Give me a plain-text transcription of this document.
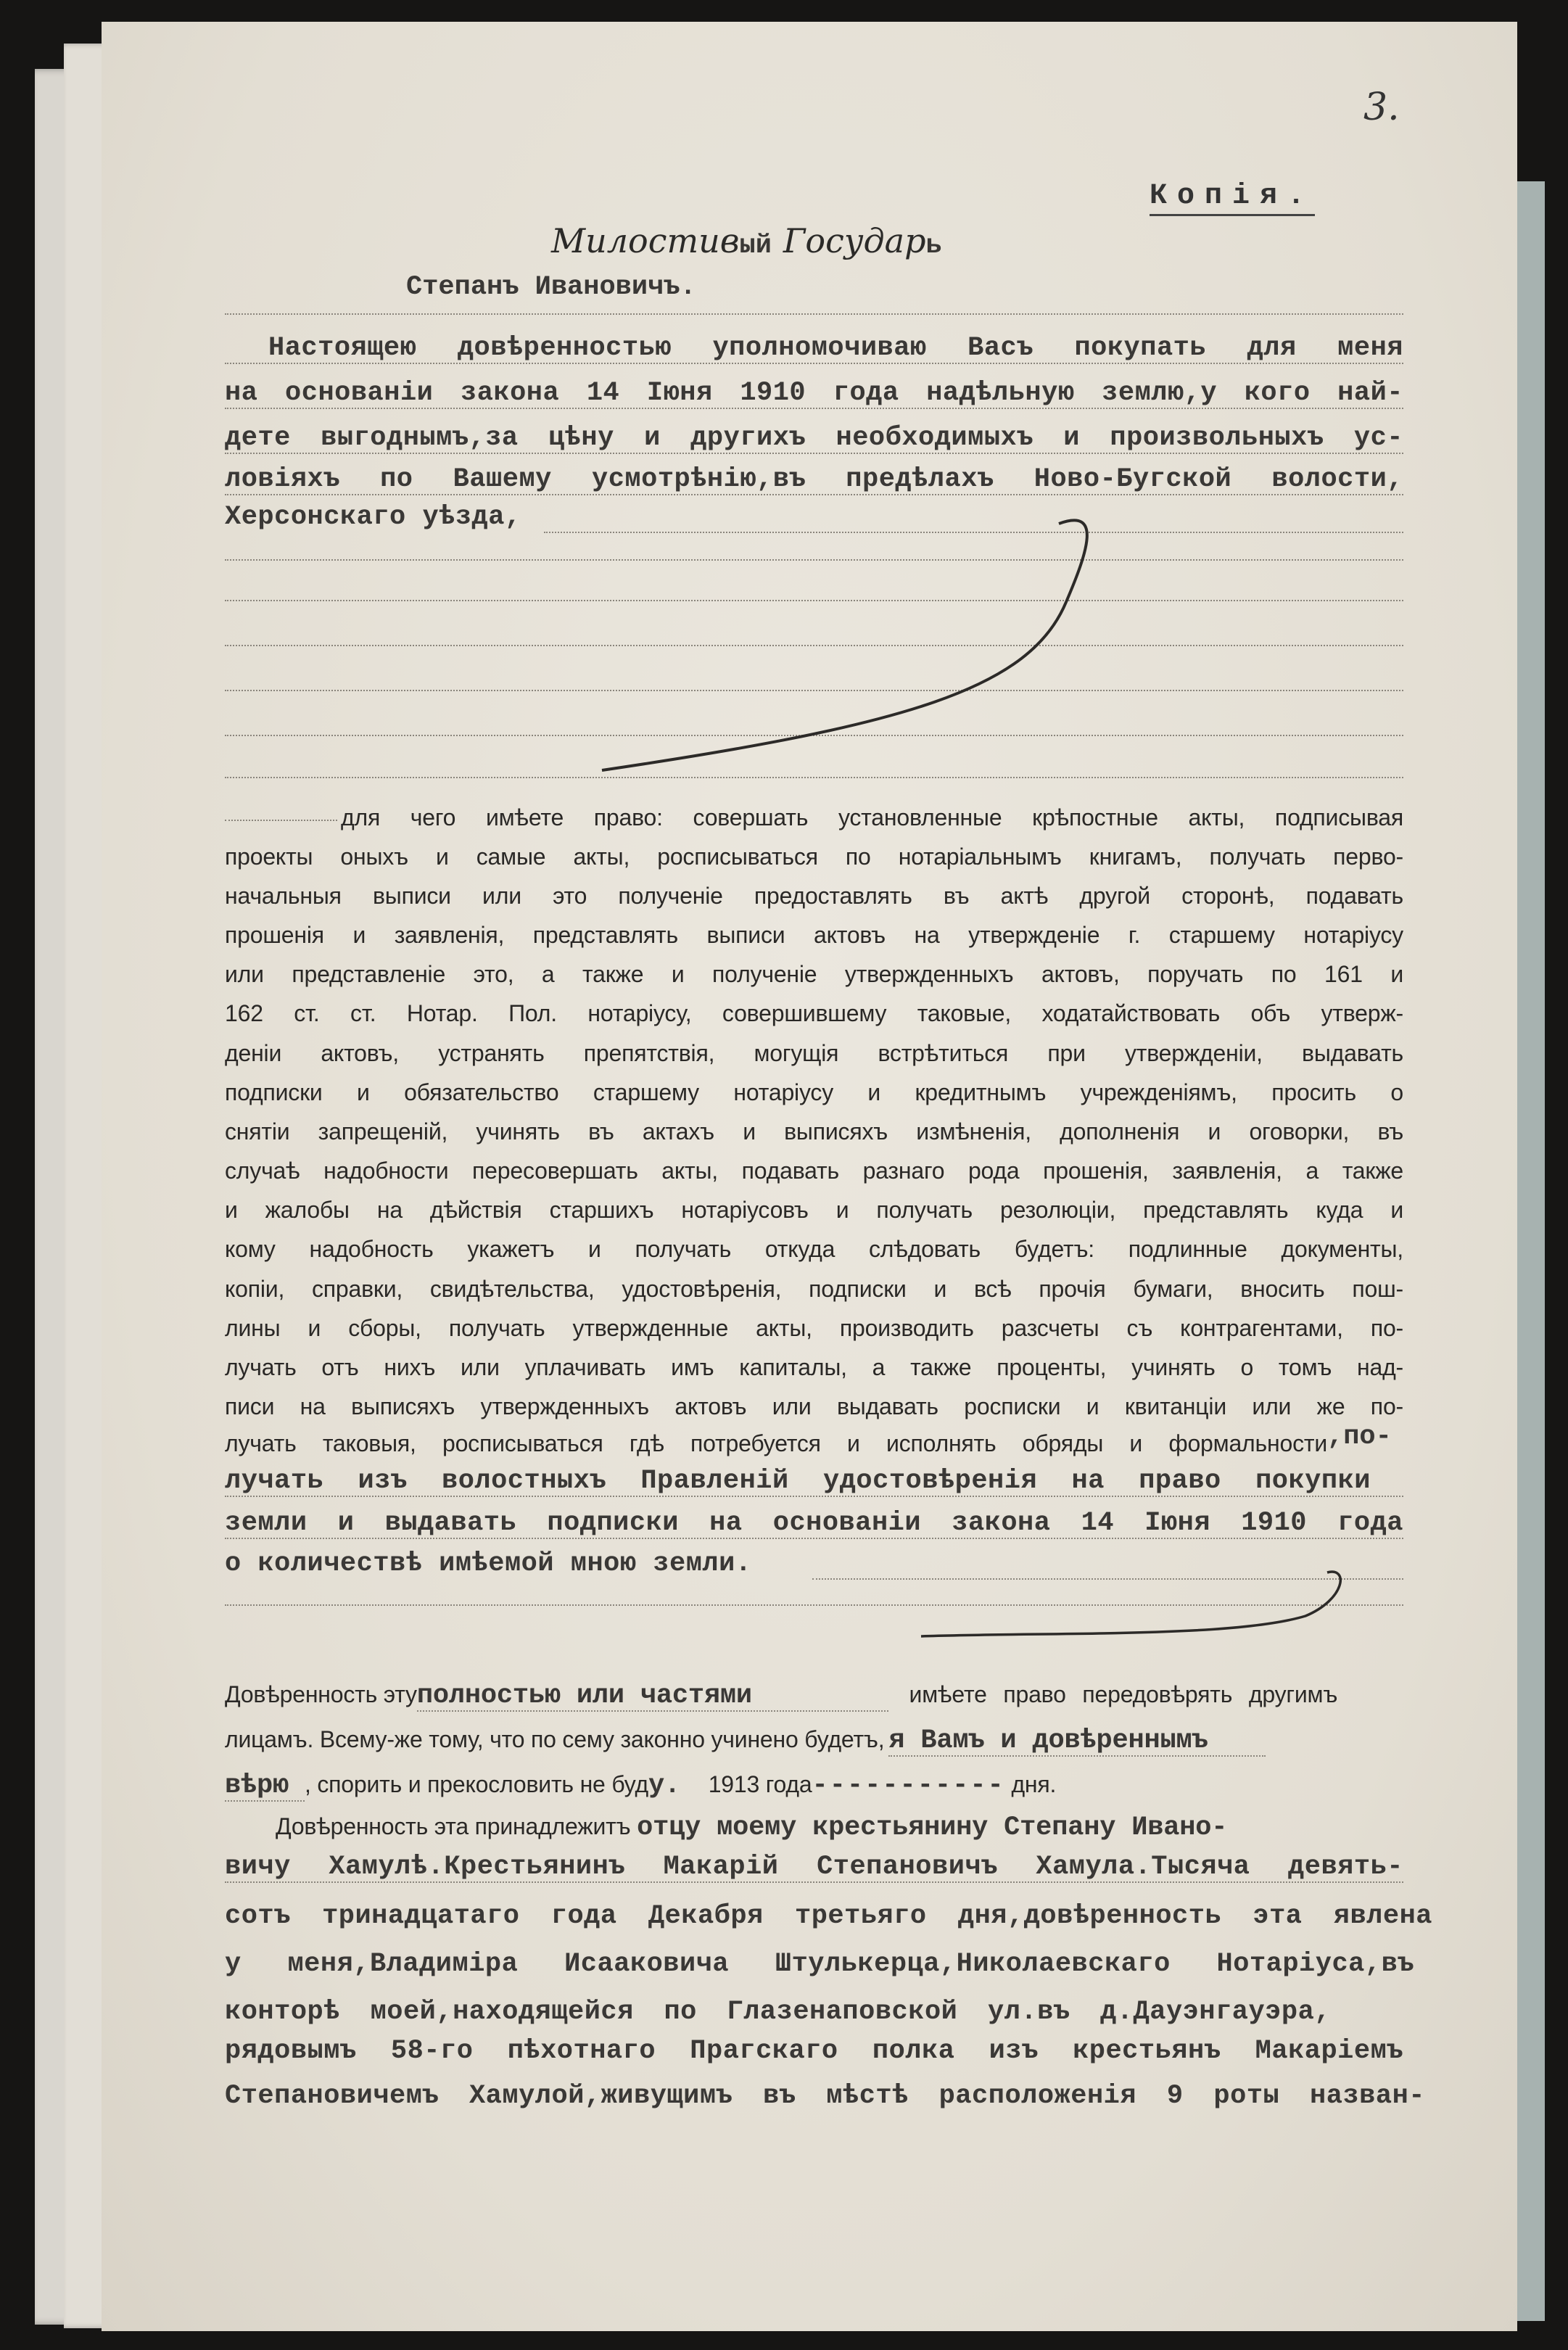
3.
Копія.
Милостивый Государь
Степанъ Ивановичъ.
Настоящею довѣренностью уполномочиваю Васъ покупать для меня
на основаніи закона 14 Іюня 1910 года надѣльную землю,у кого най-
дете выгоднымъ,за цѣну и другихъ необходимыхъ и произвольныхъ ус-
ловіяхъ по Вашему усмотрѣнію,въ предѣлахъ Ново-Бугской волости,
Херсонскаго уѣзда,
для чего имѣете право: совершать установленные крѣпостные акты, подписывая
проекты оныхъ и самые акты, росписываться по нотаріальнымъ книгамъ, получать перво-
начальныя выписи или это полученіе предоставлять въ актѣ другой сторонѣ, подавать
прошенія и заявленія, представлять выписи актовъ на утвержденіе г. старшему нотаріусу
или представленіе это, а также и полученіе утвержденныхъ актовъ, поручать по 161 и
162 ст. ст. Нотар. Пол. нотаріусу, совершившему таковые, ходатайствовать объ утверж-
деніи актовъ, устранять препятствія, могущія встрѣтиться при утвержденіи, выдавать
подписки и обязательство старшему нотаріусу и кредитнымъ учрежденіямъ, просить о
снятіи запрещеній, учинять въ актахъ и выписяхъ измѣненія, дополненія и оговорки, въ
случаѣ надобности пересовершать акты, подавать разнаго рода прошенія, заявленія, а также
и жалобы на дѣйствія старшихъ нотаріусовъ и получать резолюціи, представлять куда и
кому надобность укажетъ и получать откуда слѣдовать будетъ: подлинные документы,
копіи, справки, свидѣтельства, удостовѣренія, подписки и всѣ прочія бумаги, вносить пош-
лины и сборы, получать утвержденные акты, производить разсчеты съ контрагентами, по-
лучать отъ нихъ или уплачивать имъ капиталы, а также проценты, учинять о томъ над-
писи на выписяхъ утвержденныхъ актовъ или выдавать росписки и квитанціи или же по-
лучать таковыя, росписываться гдѣ потребуется и исполнять обряды и формальности ,по-
лучать изъ волостныхъ Правленій удостовѣренія на право покупки
земли и выдавать подписки на основаніи закона 14 Іюня 1910 года
о количествѣ имѣемой мною земли.
Довѣренность этуполностью или частями	имѣете право передовѣрять другимъ
лицамъ. Всему-же тому, что по сему законно учинено будетъ, я Вамъ и довѣреннымъ
вѣрю , спорить и прекословить не буду. 1913 года----------- дня.
Довѣренность эта принадлежитъ отцу моему крестьянину Степану Ивано-
вичу Хамулѣ.Крестьянинъ Макарій Степановичъ Хамула.Тысяча девять-
сотъ тринадцатаго года Декабря третьяго дня,довѣренность эта явлена
у меня,Владиміра Исааковича Штулькерца,Николаевскаго Нотаріуса,въ
конторѣ моей,находящейся по Глазенаповской ул.въ д.Дауэнгауэра,
рядовымъ 58-го пѣхотнаго Прагскаго полка изъ крестьянъ Макаріемъ
Степановичемъ Хамулой,живущимъ въ мѣстѣ расположенія 9 роты назван-
